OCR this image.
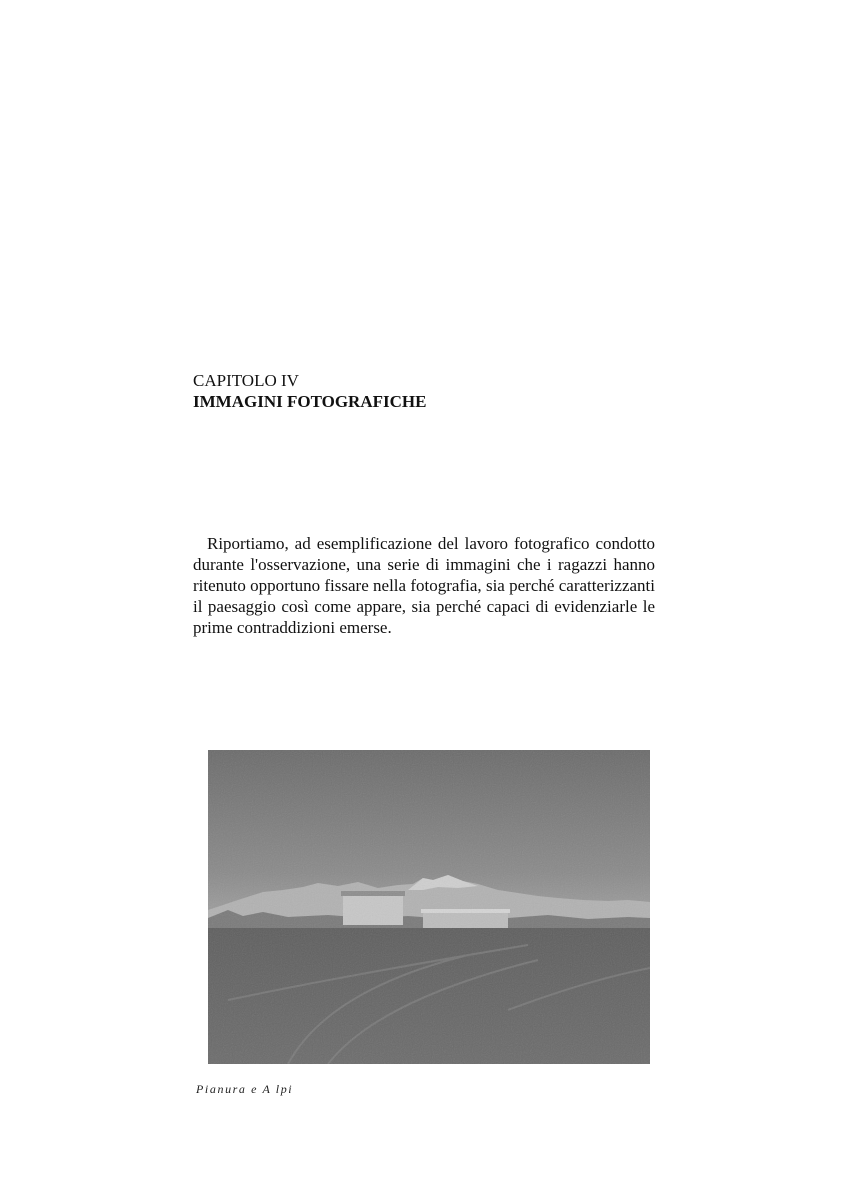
CAPITOLO IV
IMMAGINI FOTOGRAFICHE

Riportiamo, ad esemplificazione del lavoro fotografico condotto durante l'osservazione, una serie di immagini che i ragazzi hanno ritenuto opportuno fissare nella fotografia, sia perché caratterizzanti il paesaggio così come appare, sia perché capaci di evidenziarle le prime contraddizioni emerse.

Pianura e A lpi
